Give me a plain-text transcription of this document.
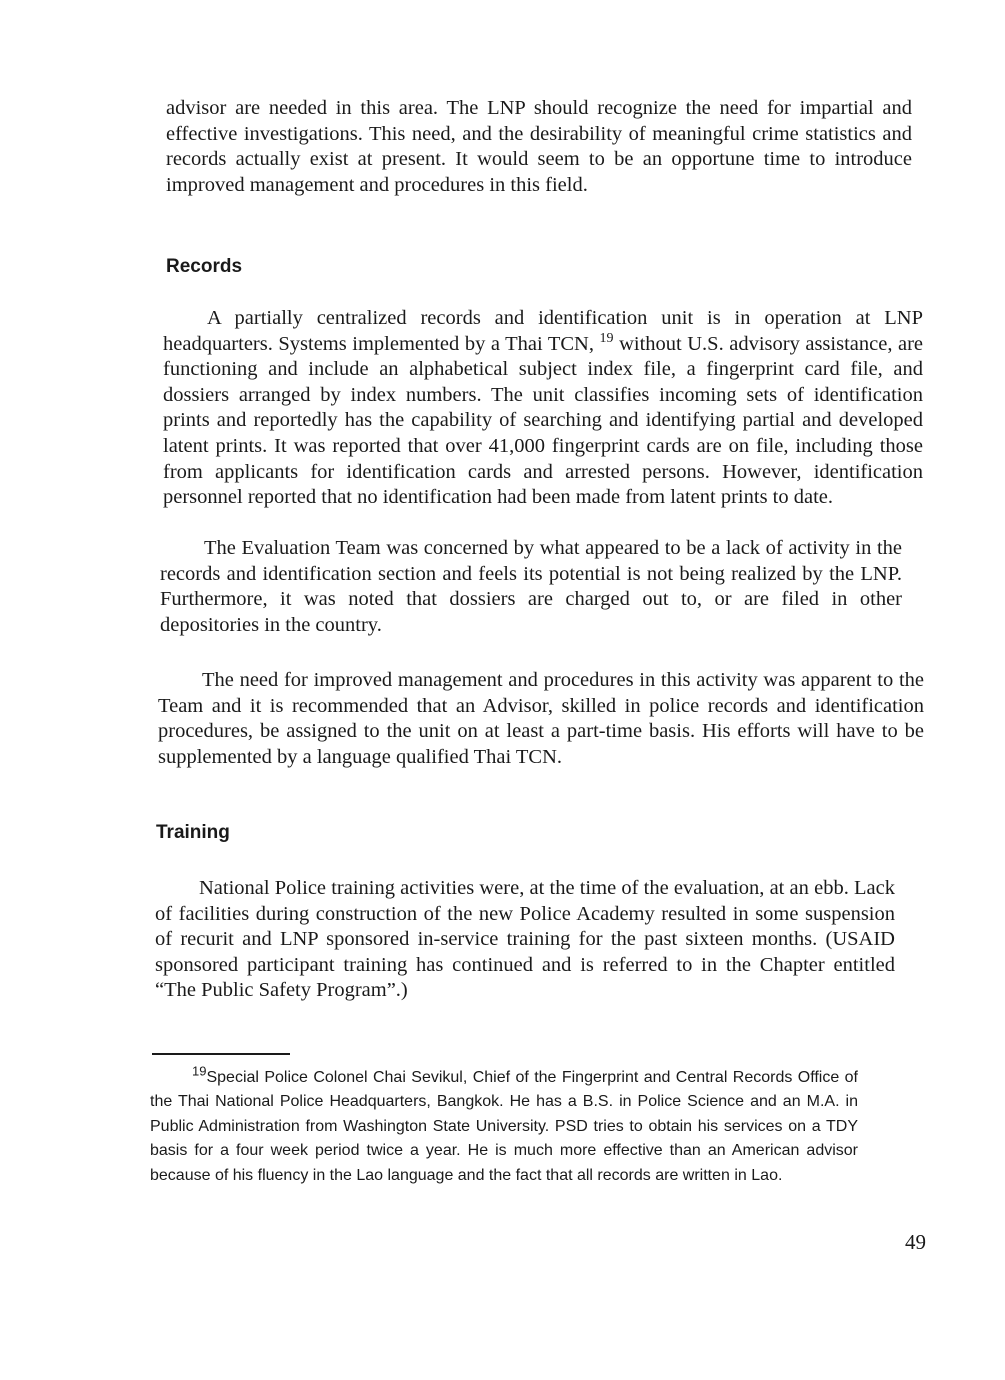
advisor are needed in this area. The LNP should recognize the need for impartial and effective investigations. This need, and the desirability of meaningful crime statistics and records actually exist at present. It would seem to be an opportune time to introduce improved management and procedures in this field.

Records

A partially centralized records and identification unit is in operation at LNP headquarters. Systems implemented by a Thai TCN, $^{19}$ without U.S. advisory assistance, are functioning and include an alphabetical subject index file, a fingerprint card file, and dossiers arranged by index numbers. The unit classifies incoming sets of identification prints and reportedly has the capability of searching and identifying partial and developed latent prints. It was reported that over 41,000 fingerprint cards are on file, including those from applicants for identification cards and arrested persons. However, identification personnel reported that no identification had been made from latent prints to date.

The Evaluation Team was concerned by what appeared to be a lack of activity in the records and identification section and feels its potential is not being realized by the LNP. Furthermore, it was noted that dossiers are charged out to, or are filed in other depositories in the country.

The need for improved management and procedures in this activity was apparent to the Team and it is recommended that an Advisor, skilled in police records and identification procedures, be assigned to the unit on at least a part-time basis. His efforts will have to be supplemented by a language qualified Thai TCN.

Training

National Police training activities were, at the time of the evaluation, at an ebb. Lack of facilities during construction of the new Police Academy resulted in some suspension of recurit and LNP sponsored in-service training for the past sixteen months. (USAID sponsored participant training has continued and is referred to in the Chapter entitled “The Public Safety Program”.)

$^{19}$Special Police Colonel Chai Sevikul, Chief of the Fingerprint and Central Records Office of the Thai National Police Headquarters, Bangkok. He has a B.S. in Police Science and an M.A. in Public Administration from Washington State University. PSD tries to obtain his services on a TDY basis for a four week period twice a year. He is much more effective than an American advisor because of his fluency in the Lao language and the fact that all records are written in Lao.

49
